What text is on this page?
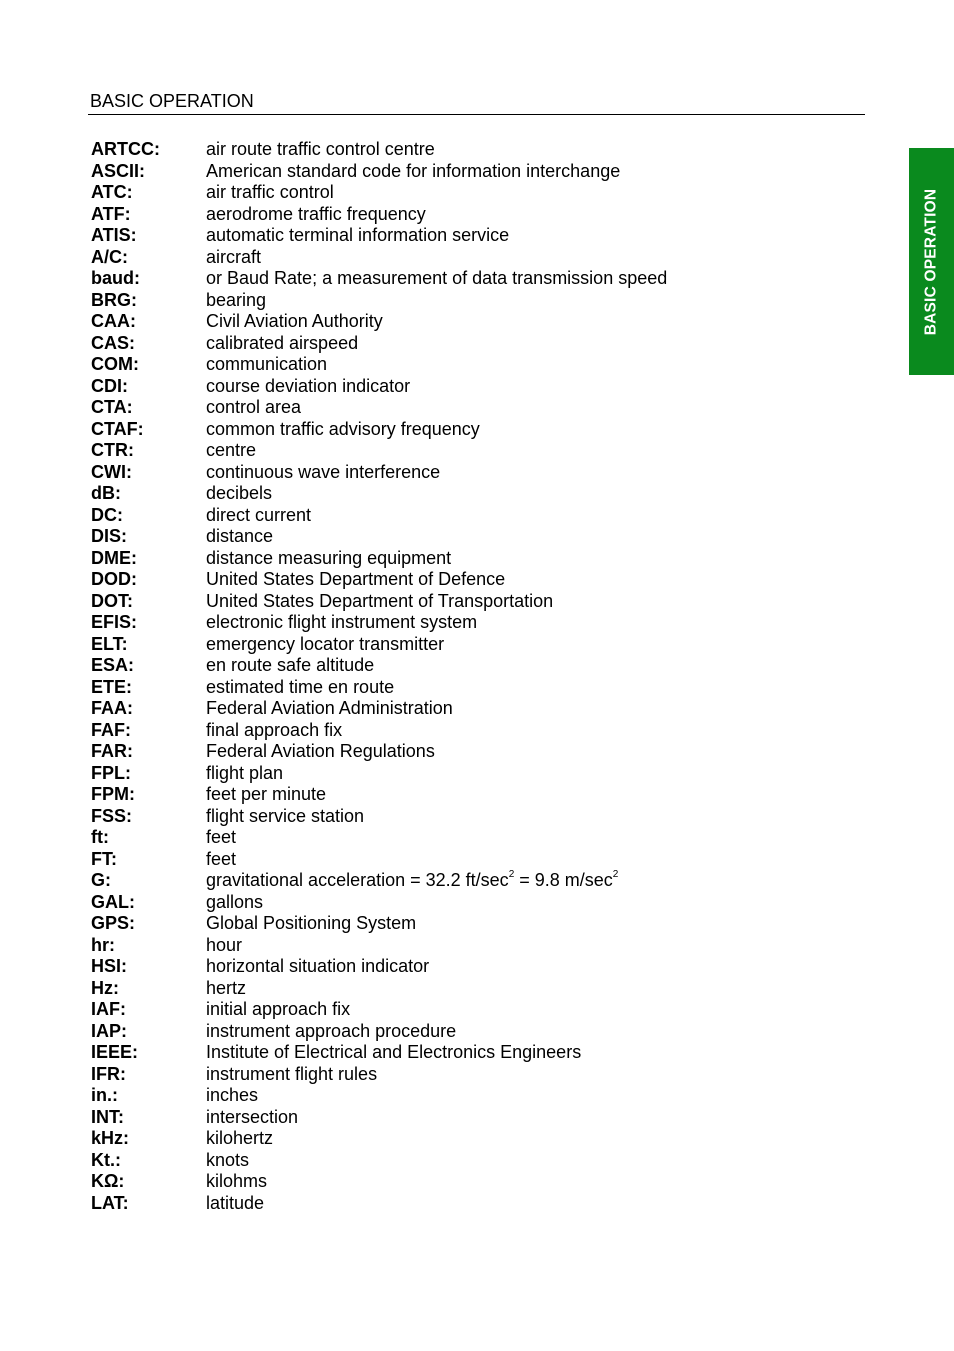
BASIC OPERATION
BASIC OPERATION
ARTCC:	air route traffic control centre
ASCII:	American standard code for information interchange
ATC:	air traffic control
ATF:	aerodrome traffic frequency
ATIS:	automatic terminal information service
A/C:	aircraft
baud:	or Baud Rate; a measurement of data transmission speed
BRG:	bearing
CAA:	Civil Aviation Authority
CAS:	calibrated airspeed
COM:	communication
CDI:	course deviation indicator
CTA:	control area
CTAF:	common traffic advisory frequency
CTR:	centre
CWI:	continuous wave interference
dB:	decibels
DC:	direct current
DIS:	distance
DME:	distance measuring equipment
DOD:	United States Department of Defence
DOT:	United States Department of Transportation
EFIS:	electronic flight instrument system
ELT:	emergency locator transmitter
ESA:	en route safe altitude
ETE:	estimated time en route
FAA:	Federal Aviation Administration
FAF:	final approach fix
FAR:	Federal Aviation Regulations
FPL:	flight plan
FPM:	feet per minute
FSS:	flight service station
ft:	feet
FT:	feet
G:	gravitational acceleration = 32.2 $ft/\sec^2 = 9.8$ $m/\sec^2$
GAL:	gallons
GPS:	Global Positioning System
hr:	hour
HSI:	horizontal situation indicator
Hz:	hertz
IAF:	initial approach fix
IAP:	instrument approach procedure
IEEE:	Institute of Electrical and Electronics Engineers
IFR:	instrument flight rules
in.:	inches
INT:	intersection
kHz:	kilohertz
Kt.:	knots
KΩ:	kilohms
LAT:	latitude
